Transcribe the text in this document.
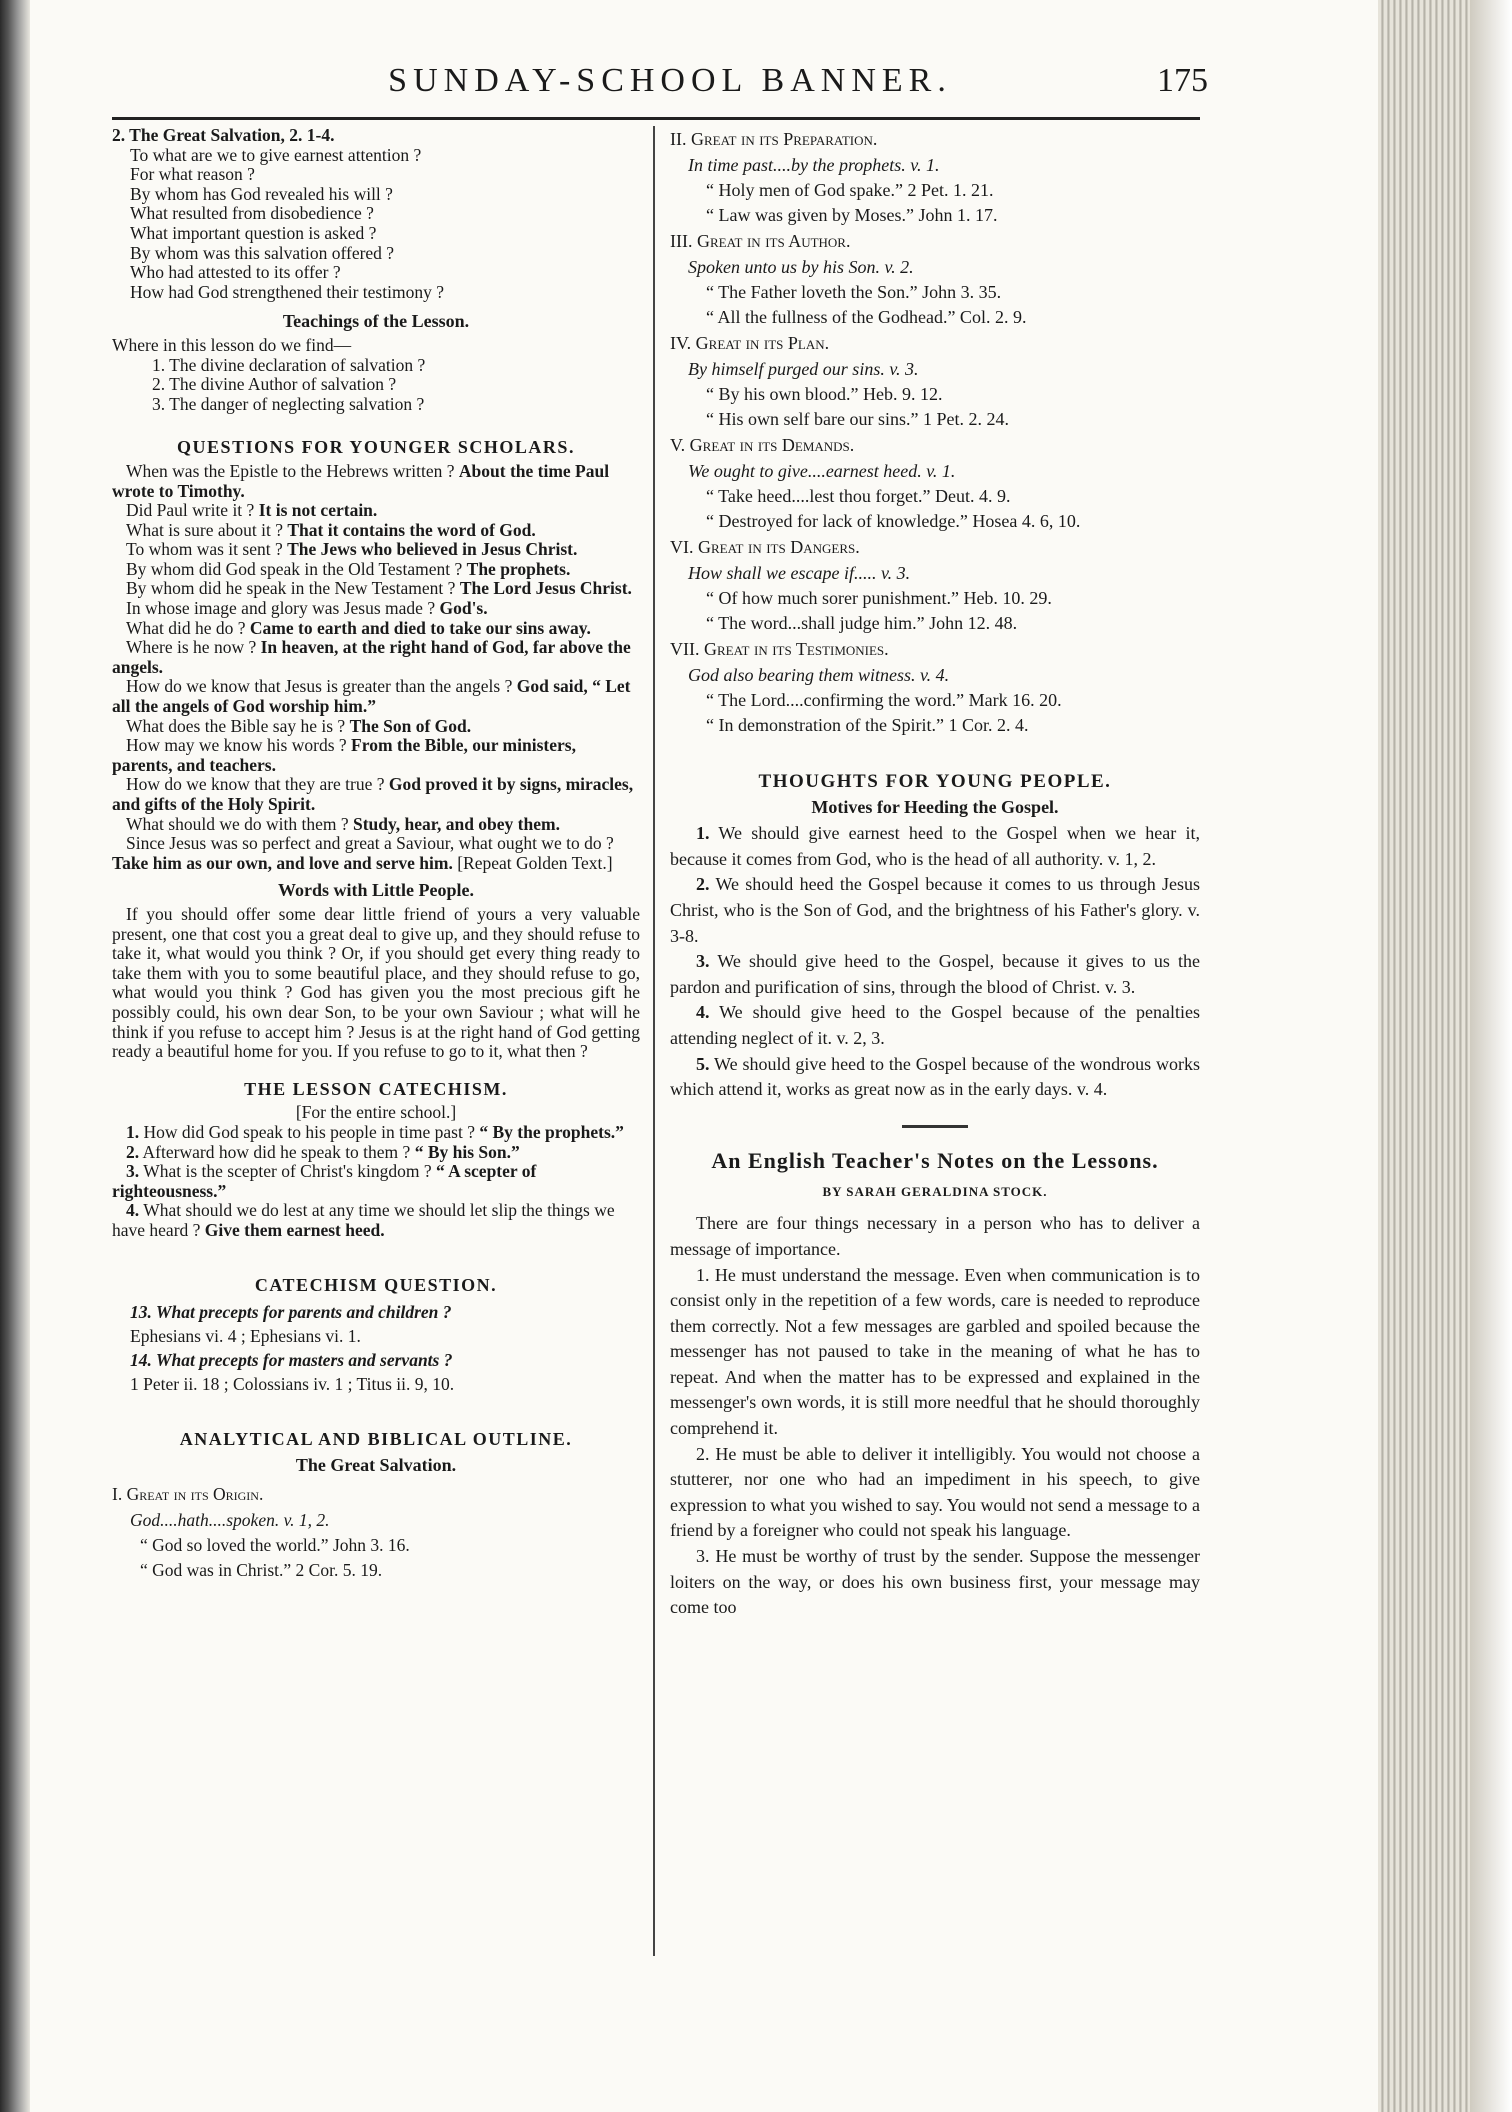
SUNDAY-SCHOOL BANNER.	175

2. The Great Salvation, 2. 1-4.

To what are we to give earnest attention ?

For what reason ?

By whom has God revealed his will ?

What resulted from disobedience ?

What important question is asked ?

By whom was this salvation offered ?

Who had attested to its offer ?

How had God strengthened their testimony ?

Teachings of the Lesson.

Where in this lesson do we find—

1. The divine declaration of salvation ?

2. The divine Author of salvation ?

3. The danger of neglecting salvation ?

QUESTIONS FOR YOUNGER SCHOLARS.

When was the Epistle to the Hebrews written ? About the time Paul wrote to Timothy.

Did Paul write it ? It is not certain.

What is sure about it ? That it contains the word of God.

To whom was it sent ? The Jews who believed in Jesus Christ.

By whom did God speak in the Old Testament ? The prophets.

By whom did he speak in the New Testament ? The Lord Jesus Christ.

In whose image and glory was Jesus made ? God's.

What did he do ? Came to earth and died to take our sins away.

Where is he now ? In heaven, at the right hand of God, far above the angels.

How do we know that Jesus is greater than the angels ? God said, “ Let all the angels of God worship him.”

What does the Bible say he is ? The Son of God.

How may we know his words ? From the Bible, our ministers, parents, and teachers.

How do we know that they are true ? God proved it by signs, miracles, and gifts of the Holy Spirit.

What should we do with them ? Study, hear, and obey them.

Since Jesus was so perfect and great a Saviour, what ought we to do ? Take him as our own, and love and serve him. [Repeat Golden Text.]

Words with Little People.

If you should offer some dear little friend of yours a very valuable present, one that cost you a great deal to give up, and they should refuse to take it, what would you think ? Or, if you should get every thing ready to take them with you to some beautiful place, and they should refuse to go, what would you think ? God has given you the most precious gift he possibly could, his own dear Son, to be your own Saviour ; what will he think if you refuse to accept him ? Jesus is at the right hand of God getting ready a beautiful home for you. If you refuse to go to it, what then ?

THE LESSON CATECHISM.

[For the entire school.]

1. How did God speak to his people in time past ? “ By the prophets.”

2. Afterward how did he speak to them ? “ By his Son.”

3. What is the scepter of Christ's kingdom ? “ A scepter of righteousness.”

4. What should we do lest at any time we should let slip the things we have heard ? Give them earnest heed.

CATECHISM QUESTION.

13. What precepts for parents and children ?

Ephesians vi. 4 ; Ephesians vi. 1.

14. What precepts for masters and servants ?

1 Peter ii. 18 ; Colossians iv. 1 ; Titus ii. 9, 10.

ANALYTICAL AND BIBLICAL OUTLINE.

The Great Salvation.

I. Great in its Origin.

God....hath....spoken. v. 1, 2.

“ God so loved the world.” John 3. 16.

“ God was in Christ.” 2 Cor. 5. 19.

II. Great in its Preparation.

In time past....by the prophets. v. 1.

“ Holy men of God spake.” 2 Pet. 1. 21.

“ Law was given by Moses.” John 1. 17.

III. Great in its Author.

Spoken unto us by his Son. v. 2.

“ The Father loveth the Son.” John 3. 35.

“ All the fullness of the Godhead.” Col. 2. 9.

IV. Great in its Plan.

By himself purged our sins. v. 3.

“ By his own blood.” Heb. 9. 12.

“ His own self bare our sins.” 1 Pet. 2. 24.

V. Great in its Demands.

We ought to give....earnest heed. v. 1.

“ Take heed....lest thou forget.” Deut. 4. 9.

“ Destroyed for lack of knowledge.” Hosea 4. 6, 10.

VI. Great in its Dangers.

How shall we escape if..... v. 3.

“ Of how much sorer punishment.” Heb. 10. 29.

“ The word...shall judge him.” John 12. 48.

VII. Great in its Testimonies.

God also bearing them witness. v. 4.

“ The Lord....confirming the word.” Mark 16. 20.

“ In demonstration of the Spirit.” 1 Cor. 2. 4.

THOUGHTS FOR YOUNG PEOPLE.

Motives for Heeding the Gospel.

1. We should give earnest heed to the Gospel when we hear it, because it comes from God, who is the head of all authority. v. 1, 2.

2. We should heed the Gospel because it comes to us through Jesus Christ, who is the Son of God, and the brightness of his Father's glory. v. 3-8.

3. We should give heed to the Gospel, because it gives to us the pardon and purification of sins, through the blood of Christ. v. 3.

4. We should give heed to the Gospel because of the penalties attending neglect of it. v. 2, 3.

5. We should give heed to the Gospel because of the wondrous works which attend it, works as great now as in the early days. v. 4.

An English Teacher's Notes on the Lessons.

BY SARAH GERALDINA STOCK.

There are four things necessary in a person who has to deliver a message of importance.

1. He must understand the message. Even when communication is to consist only in the repetition of a few words, care is needed to reproduce them correctly. Not a few messages are garbled and spoiled because the messenger has not paused to take in the meaning of what he has to repeat. And when the matter has to be expressed and explained in the messenger's own words, it is still more needful that he should thoroughly comprehend it.

2. He must be able to deliver it intelligibly. You would not choose a stutterer, nor one who had an impediment in his speech, to give expression to what you wished to say. You would not send a message to a friend by a foreigner who could not speak his language.

3. He must be worthy of trust by the sender. Suppose the messenger loiters on the way, or does his own business first, your message may come too
